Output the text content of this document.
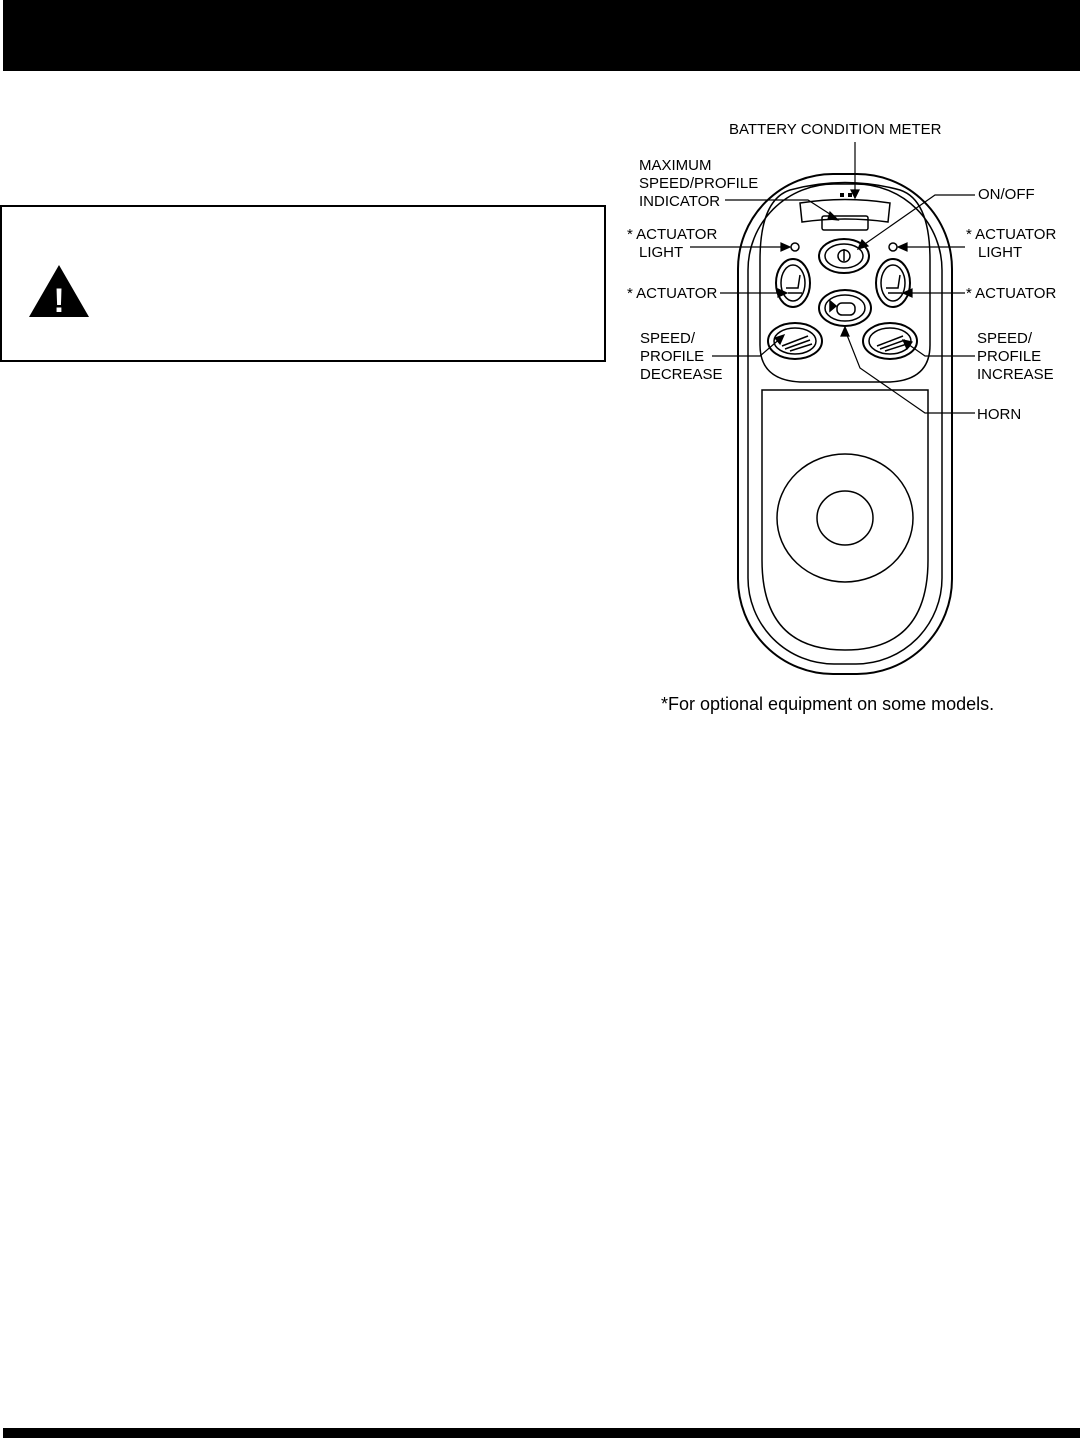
!
BATTERY CONDITION METER
MAXIMUM
SPEED/PROFILE
INDICATOR	ON/OFF
* ACTUATOR
LIGHT
* ACTUATOR
LIGHT
* ACTUATOR	* ACTUATOR
SPEED/
PROFILE
DECREASE
SPEED/
PROFILE
INCREASE
HORN
*For optional equipment on some models.
